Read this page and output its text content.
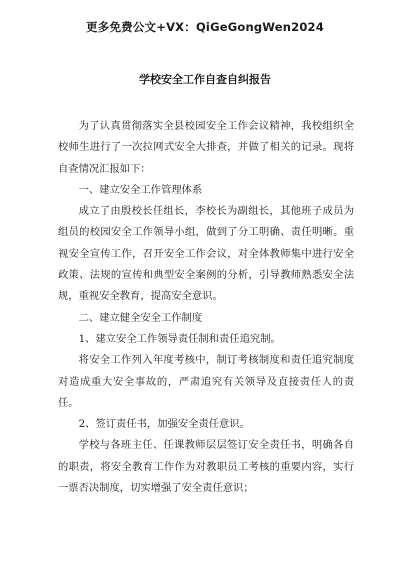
更多免费公文+VX：QiGeGongWen2024
学校安全工作自查自纠报告

为了认真贯彻落实全县校园安全工作会议精神，我校组织全校师生进行了一次拉网式安全大排查，并做了相关的记录。现将自查情况汇报如下：

一、建立安全工作管理体系

成立了由殷校长任组长，李校长为副组长，其他班子成员为组员的校园安全工作领导小组，做到了分工明确、责任明晰。重视安全宣传工作，召开安全工作会议，对全体教师集中进行安全政策、法规的宣传和典型安全案例的分析，引导教师熟悉安全法规，重视安全教育，提高安全意识。

二、建立健全安全工作制度

1、建立安全工作领导责任制和责任追究制。

将安全工作列入年度考核中，制订考核制度和责任追究制度对造成重大安全事故的，严肃追究有关领导及直接责任人的责任。

2、签订责任书，加强安全责任意识。

学校与各班主任、任课教师层层签订安全责任书，明确各自的职责，将安全教育工作作为对教职员工考核的重要内容，实行一票否决制度，切实增强了安全责任意识；
